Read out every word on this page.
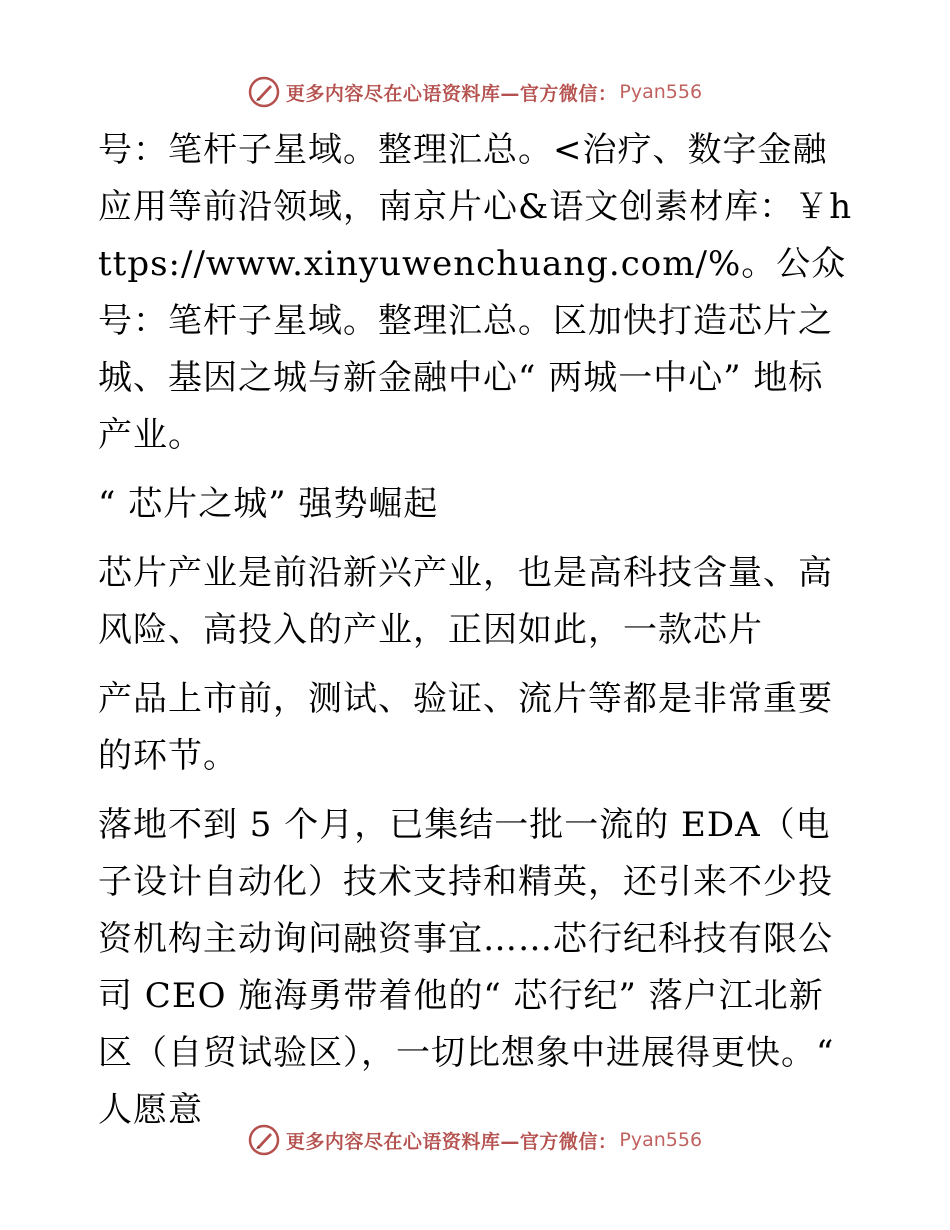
更多内容尽在心语资料库—官方微信： Pyan556

号：笔杆子星域。整理汇总。<治疗、数字金融应用等前沿领域，南京片心&语文创素材库：￥https://www.xinyuwenchuang.com/%。公众号：笔杆子星域。整理汇总。区加快打造芯片之城、基因之城与新金融中心“ 两城一中心” 地标产业。

“ 芯片之城” 强势崛起

芯片产业是前沿新兴产业，也是高科技含量、高风险、高投入的产业，正因如此，一款芯片

产品上市前，测试、验证、流片等都是非常重要的环节。

落地不到 5 个月，已集结一批一流的 EDA（电子设计自动化）技术支持和精英，还引来不少投资机构主动询问融资事宜……芯行纪科技有限公司 CEO 施海勇带着他的“ 芯行纪” 落户江北新区（自贸试验区），一切比想象中进展得更快。“ 人愿意

更多内容尽在心语资料库—官方微信： Pyan556
